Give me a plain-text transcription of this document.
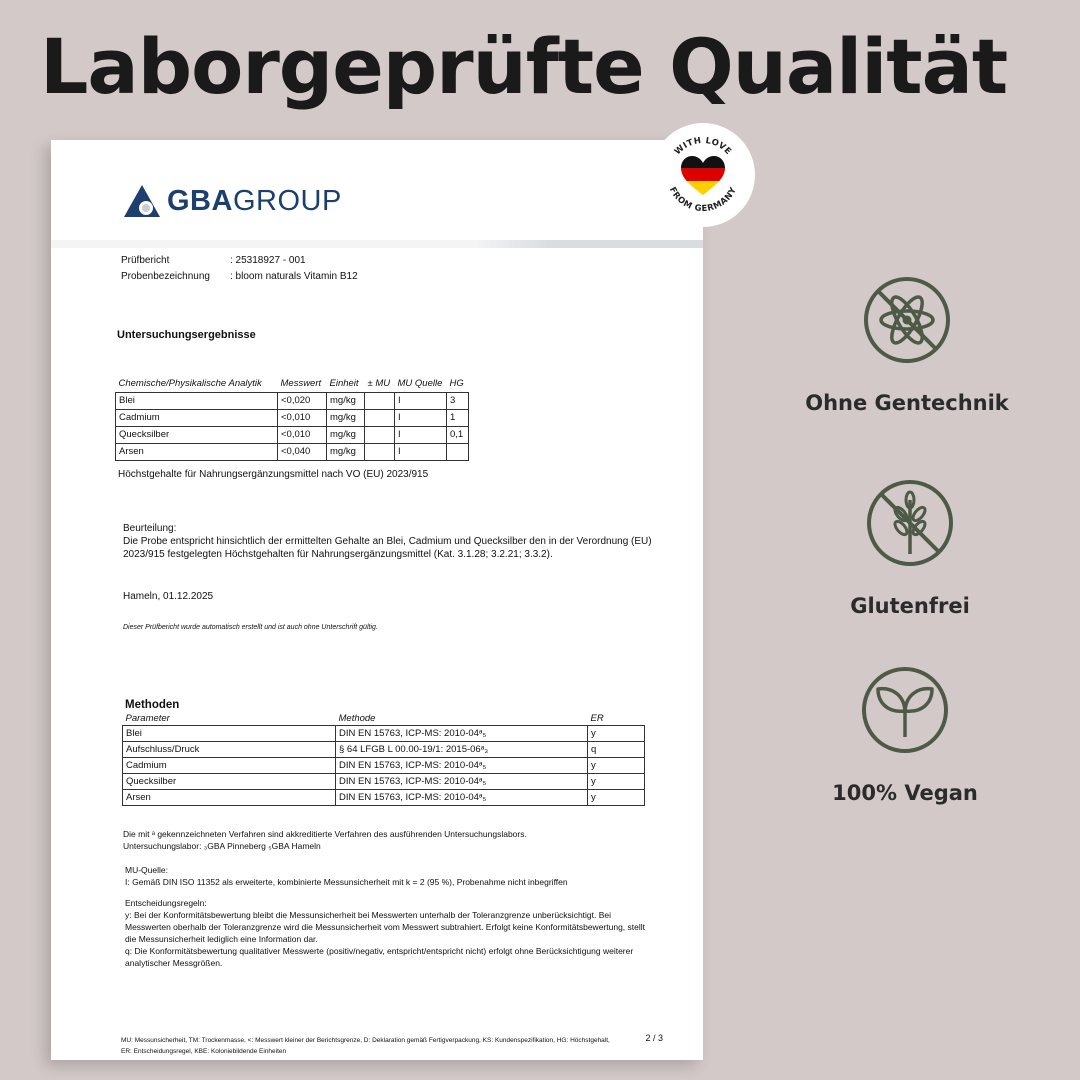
Laborgeprüfte Qualität
GBA GROUP
Prüfbericht	: 25318927 - 001
Probenbezeichnung : bloom naturals Vitamin B12
Untersuchungsergebnisse
Chemische/Physikalische Analytik	Messwert	Einheit	± MU	MU Quelle	HG
Blei	<0,020	mg/kg		I	3
Cadmium	<0,010	mg/kg		I	1
Quecksilber	<0,010	mg/kg		I	0,1
Arsen	<0,040	mg/kg		I	
Höchstgehalte für Nahrungsergänzungsmittel nach VO (EU) 2023/915
Beurteilung:
Die Probe entspricht hinsichtlich der ermittelten Gehalte an Blei, Cadmium und Quecksilber den in der Verordnung (EU) 2023/915 festgelegten Höchstgehalten für Nahrungsergänzungsmittel (Kat. 3.1.28; 3.2.21; 3.3.2).
Hameln, 01.12.2025
Dieser Prüfbericht wurde automatisch erstellt und ist auch ohne Unterschrift gültig.
Methoden
Parameter	Methode	ER
Blei	DIN EN 15763, ICP-MS: 2010-04ᵃ₅	y
Aufschluss/Druck	§ 64 LFGB L 00.00-19/1: 2015-06ᵃ₃	q
Cadmium	DIN EN 15763, ICP-MS: 2010-04ᵃ₅	y
Quecksilber	DIN EN 15763, ICP-MS: 2010-04ᵃ₅	y
Arsen	DIN EN 15763, ICP-MS: 2010-04ᵃ₅	y
Die mit ᵃ gekennzeichneten Verfahren sind akkreditierte Verfahren des ausführenden Untersuchungslabors.
Untersuchungslabor: ₃GBA Pinneberg ₅GBA Hameln
MU-Quelle:
I: Gemäß DIN ISO 11352 als erweiterte, kombinierte Messunsicherheit mit k = 2 (95 %), Probenahme nicht inbegriffen
Entscheidungsregeln:
y: Bei der Konformitätsbewertung bleibt die Messunsicherheit bei Messwerten unterhalb der Toleranzgrenze unberücksichtigt. Bei Messwerten oberhalb der Toleranzgrenze wird die Messunsicherheit vom Messwert subtrahiert. Erfolgt keine Konformitätsbewertung, stellt die Messunsicherheit lediglich eine Information dar.
q: Die Konformitätsbewertung qualitativer Messwerte (positiv/negativ, entspricht/entspricht nicht) erfolgt ohne Berücksichtigung weiterer analytischer Messgrößen.
MU: Messunsicherheit, TM: Trockenmasse, <: Messwert kleiner der Berichtsgrenze, D: Deklaration gemäß Fertigverpackung, KS: Kundenspezifikation, HG: Höchstgehalt,
ER: Entscheidungsregel, KBE: Koloniebildende Einheiten
2 / 3
WITH LOVE
FROM GERMANY
Ohne Gentechnik
Glutenfrei
100% Vegan
